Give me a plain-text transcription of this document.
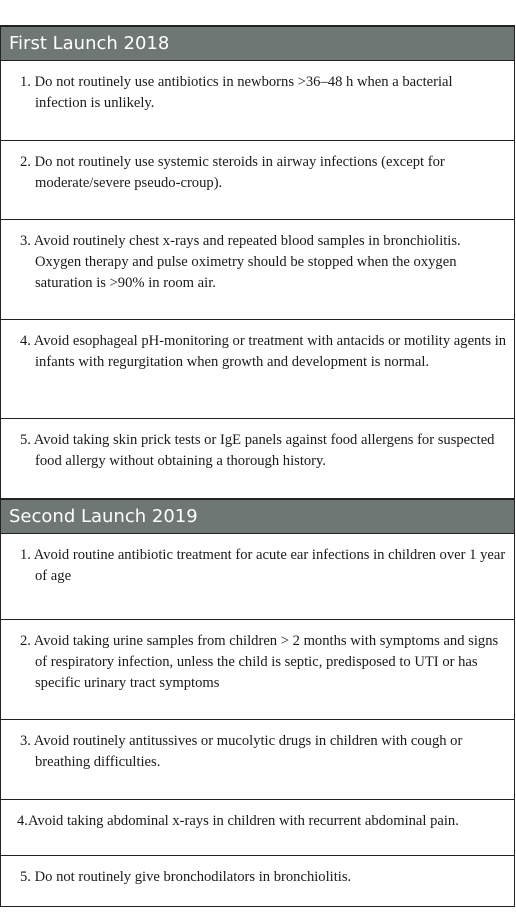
First Launch 2018
1. Do not routinely use antibiotics in newborns >36–48 h when a bacterial infection is unlikely.
2. Do not routinely use systemic steroids in airway infections (except for moderate/severe pseudo-croup).
3. Avoid routinely chest x-rays and repeated blood samples in bronchiolitis. Oxygen therapy and pulse oximetry should be stopped when the oxygen saturation is >90% in room air.
4. Avoid esophageal pH-monitoring or treatment with antacids or motility agents in infants with regurgitation when growth and development is normal.
5. Avoid taking skin prick tests or IgE panels against food allergens for suspected food allergy without obtaining a thorough history.
Second Launch 2019
1. Avoid routine antibiotic treatment for acute ear infections in children over 1 year of age
2. Avoid taking urine samples from children > 2 months with symptoms and signs of respiratory infection, unless the child is septic, predisposed to UTI or has specific urinary tract symptoms
3. Avoid routinely antitussives or mucolytic drugs in children with cough or breathing difficulties.
4.Avoid taking abdominal x-rays in children with recurrent abdominal pain.
5. Do not routinely give bronchodilators in bronchiolitis.
